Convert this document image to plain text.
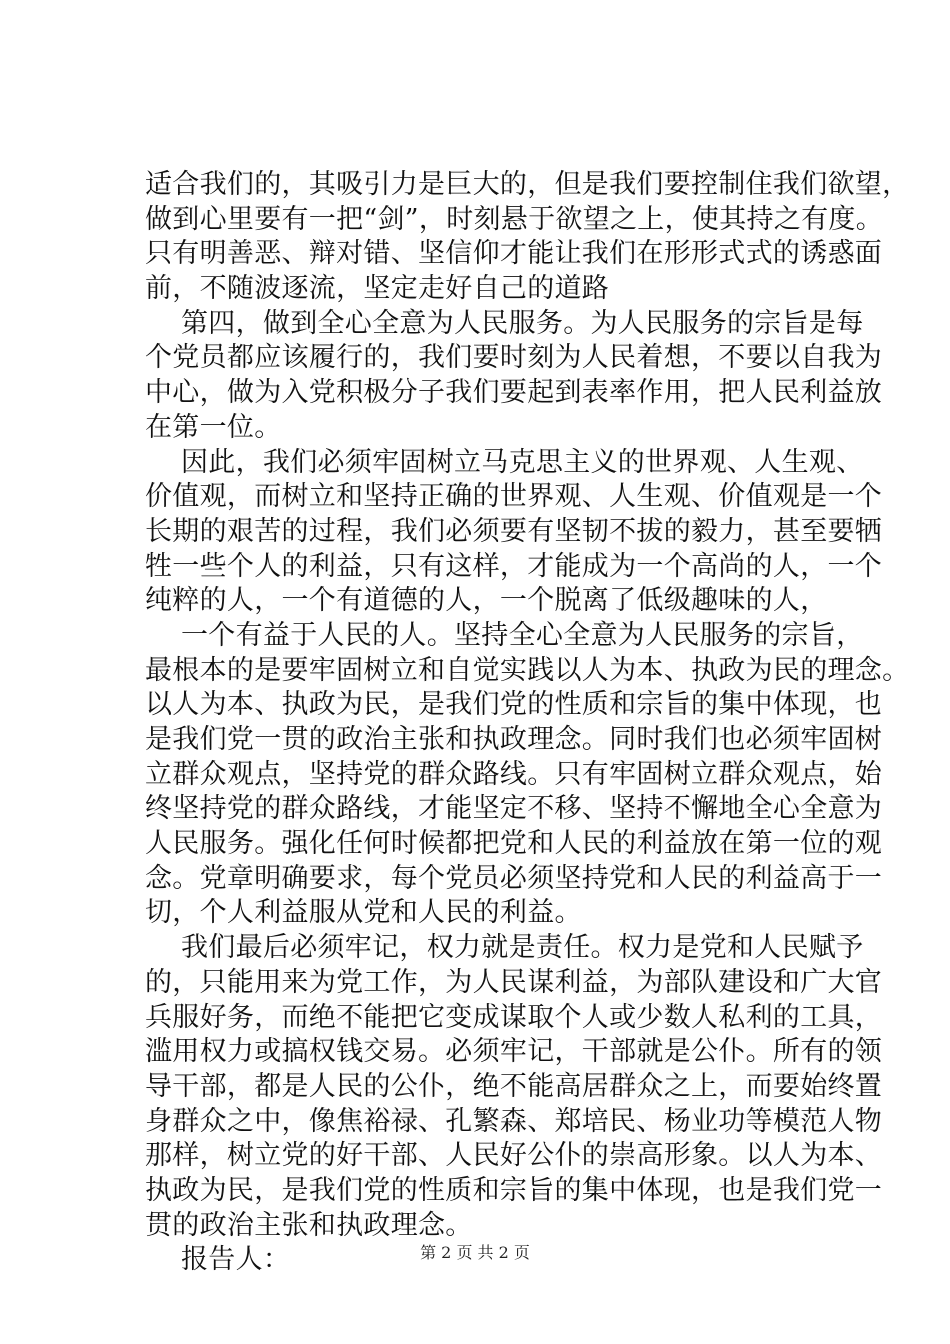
适合我们的，其吸引力是巨大的，但是我们要控制住我们欲望，
做到心里要有一把“剑”，时刻悬于欲望之上，使其持之有度。
只有明善恶、辩对错、坚信仰才能让我们在形形式式的诱惑面
前，不随波逐流，坚定走好自己的道路
第四，做到全心全意为人民服务。为人民服务的宗旨是每
个党员都应该履行的，我们要时刻为人民着想，不要以自我为
中心，做为入党积极分子我们要起到表率作用，把人民利益放
在第一位。
因此，我们必须牢固树立马克思主义的世界观、人生观、
价值观，而树立和坚持正确的世界观、人生观、价值观是一个
长期的艰苦的过程，我们必须要有坚韧不拔的毅力，甚至要牺
牲一些个人的利益，只有这样，才能成为一个高尚的人，一个
纯粹的人，一个有道德的人，一个脱离了低级趣味的人，
一个有益于人民的人。坚持全心全意为人民服务的宗旨，
最根本的是要牢固树立和自觉实践以人为本、执政为民的理念。
以人为本、执政为民，是我们党的性质和宗旨的集中体现，也
是我们党一贯的政治主张和执政理念。同时我们也必须牢固树
立群众观点，坚持党的群众路线。只有牢固树立群众观点，始
终坚持党的群众路线，才能坚定不移、坚持不懈地全心全意为
人民服务。强化任何时候都把党和人民的利益放在第一位的观
念。党章明确要求，每个党员必须坚持党和人民的利益高于一
切，个人利益服从党和人民的利益。
我们最后必须牢记，权力就是责任。权力是党和人民赋予
的，只能用来为党工作，为人民谋利益，为部队建设和广大官
兵服好务，而绝不能把它变成谋取个人或少数人私利的工具，
滥用权力或搞权钱交易。必须牢记，干部就是公仆。所有的领
导干部，都是人民的公仆，绝不能高居群众之上，而要始终置
身群众之中，像焦裕禄、孔繁森、郑培民、杨业功等模范人物
那样，树立党的好干部、人民好公仆的崇高形象。以人为本、
执政为民，是我们党的性质和宗旨的集中体现，也是我们党一
贯的政治主张和执政理念。
报告人：	第 2 页 共 2 页
